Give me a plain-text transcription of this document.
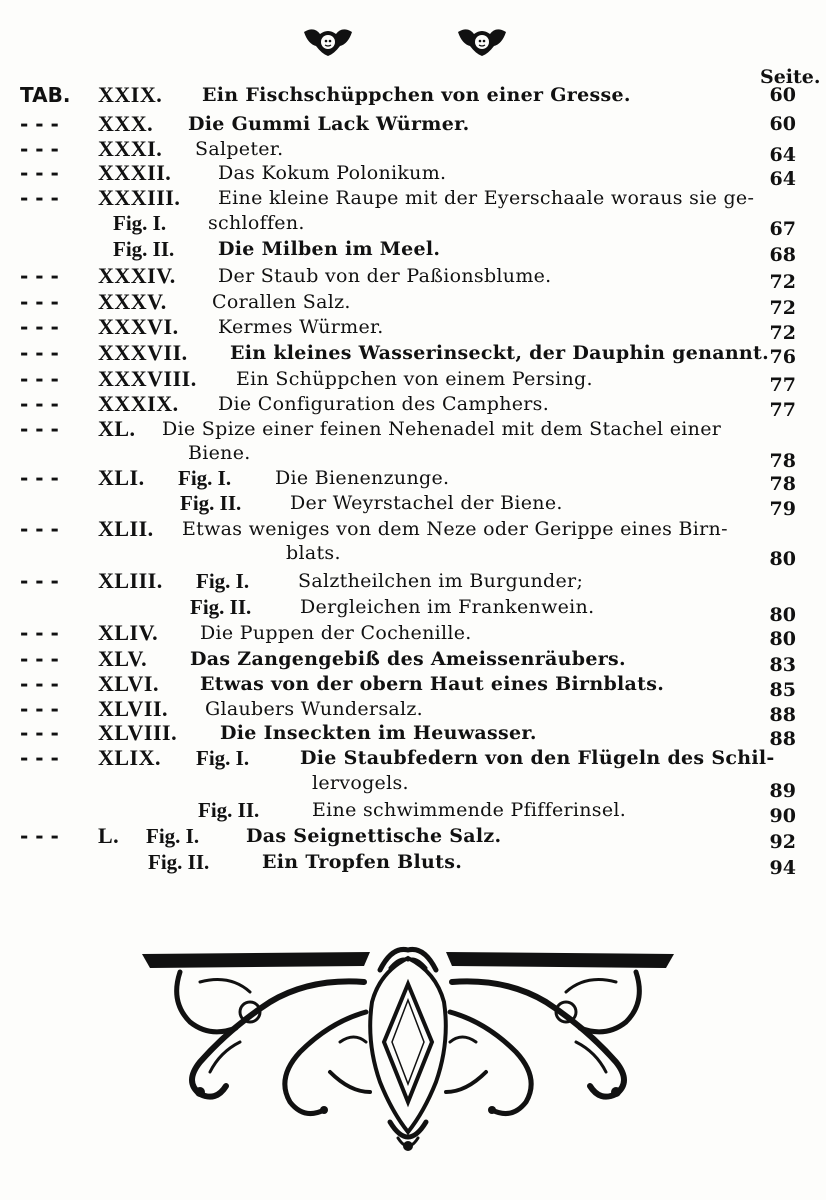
Seite.
TAB. XXIX. Ein Fischschüppchen von einer Gresse.	60
- - - XXX. Die Gummi Lack Würmer.	60
- - - XXXI. Salpeter.	64
- - - XXXII. Das Kokum Polonikum.	64
- - - XXXIII. Eine kleine Raupe mit der Eyerschaale woraus sie ge-
Fig. I. schloffen.	67
Fig. II. Die Milben im Meel.	68
- - - XXXIV. Der Staub von der Paßionsblume.	72
- - - XXXV. Corallen Salz.	72
- - - XXXVI. Kermes Würmer.	72
- - - XXXVII. Ein kleines Wasserinseckt, der Dauphin genannt. 76
- - - XXXVIII. Ein Schüppchen von einem Persing.	77
- - - XXXIX. Die Configuration des Camphers.	77
- - - XL. Die Spize einer feinen Nehenadel mit dem Stachel einer
Biene.	78
- - - XLI. Fig. I. Die Bienenzunge.	78
Fig. II.	Der Weyrstachel der Biene.	79
- - - XLII. Etwas weniges von dem Neze oder Gerippe eines Birn-
blats.	80
- - - XLIII. Fig. I.	Salztheilchen im Burgunder;
Fig. II.	Dergleichen im Frankenwein.	80
- - - XLIV. Die Puppen der Cochenille.	80
- - - XLV. Das Zangengebiß des Ameissenräubers.	83
- - - XLVI. Etwas von der obern Haut eines Birnblats.	85
- - - XLVII. Glaubers Wundersalz.	88
- - - XLVIII. Die Inseckten im Heuwasser.	88
- - - XLIX. Fig. I.	Die Staubfedern von den Flügeln des Schil-
lervogels.	89
Fig. II.	Eine schwimmende Pfifferinsel.	90
- - - L. Fig. I. Das Seignettische Salz.	92
Fig. II.	Ein Tropfen Bluts.	94
